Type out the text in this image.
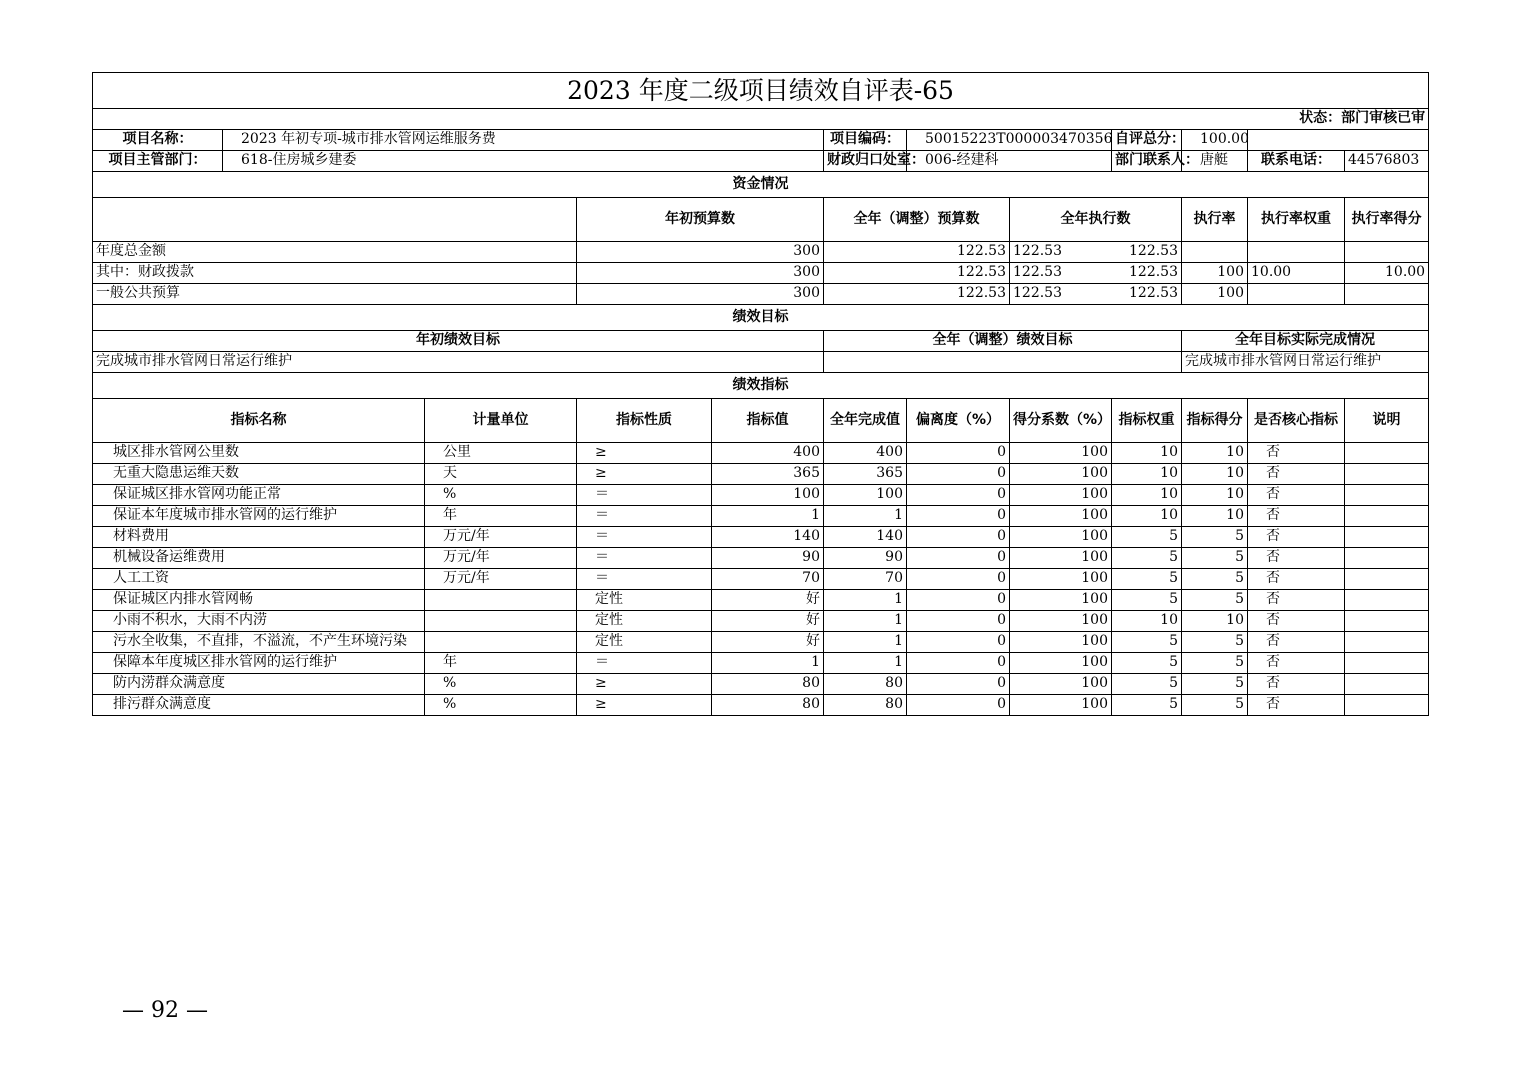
2023 年度二级项目绩效自评表-65											
状态：部门审核已审											
项目名称：	2023 年初专项-城市排水管网运维服务费				项目编码：	50015223T000003470356		自评总分：	100.00		
项目主管部门：	618-住房城乡建委				财政归口处室：	006-经建科		部门联系人：	唐艇	联系电话：	44576803
资金情况											
			年初预算数		全年（调整）预算数		全年执行数		执行率	执行率权重	执行率得分
年度总金额			300		122.53		122.53 122.53				

其中：财政拨款			300		122.53		122.53 122.53		100	10.00	10.00
一般公共预算			300		122.53		122.53 122.53		100		
绩效目标											
年初绩效目标					全年（调整）绩效目标				全年目标实际完成情况		
完成城市排水管网日常运行维护									完成城市排水管网日常运行维护		
绩效指标											
指标名称		计量单位	指标性质	指标值	全年完成值	偏离度（%）	得分系数（%）	指标权重	指标得分	是否核心指标	说明
城区排水管网公里数		公里	≥	400	400	0	100	10	10	否	
无重大隐患运维天数		天	≥	365	365	0	100	10	10	否	
保证城区排水管网功能正常		%	＝	100	100	0	100	10	10	否	
保证本年度城市排水管网的运行维护		年	＝	1	1	0	100	10	10	否	
材料费用		万元/年	＝	140	140	0	100	5	5	否	
机械设备运维费用		万元/年	＝	90	90	0	100	5	5	否	
人工工资		万元/年	＝	70	70	0	100	5	5	否	
保证城区内排水管网畅			定性	好	1	0	100	5	5	否	
小雨不积水，大雨不内涝			定性	好	1	0	100	10	10	否	
污水全收集，不直排，不溢流，不产生环境污染			定性	好	1	0	100	5	5	否	
保障本年度城区排水管网的运行维护		年	＝	1	1	0	100	5	5	否	
防内涝群众满意度		%	≥	80	80	0	100	5	5	否	
排污群众满意度		%	≥	80	80	0	100	5	5	否	
— 92 —
